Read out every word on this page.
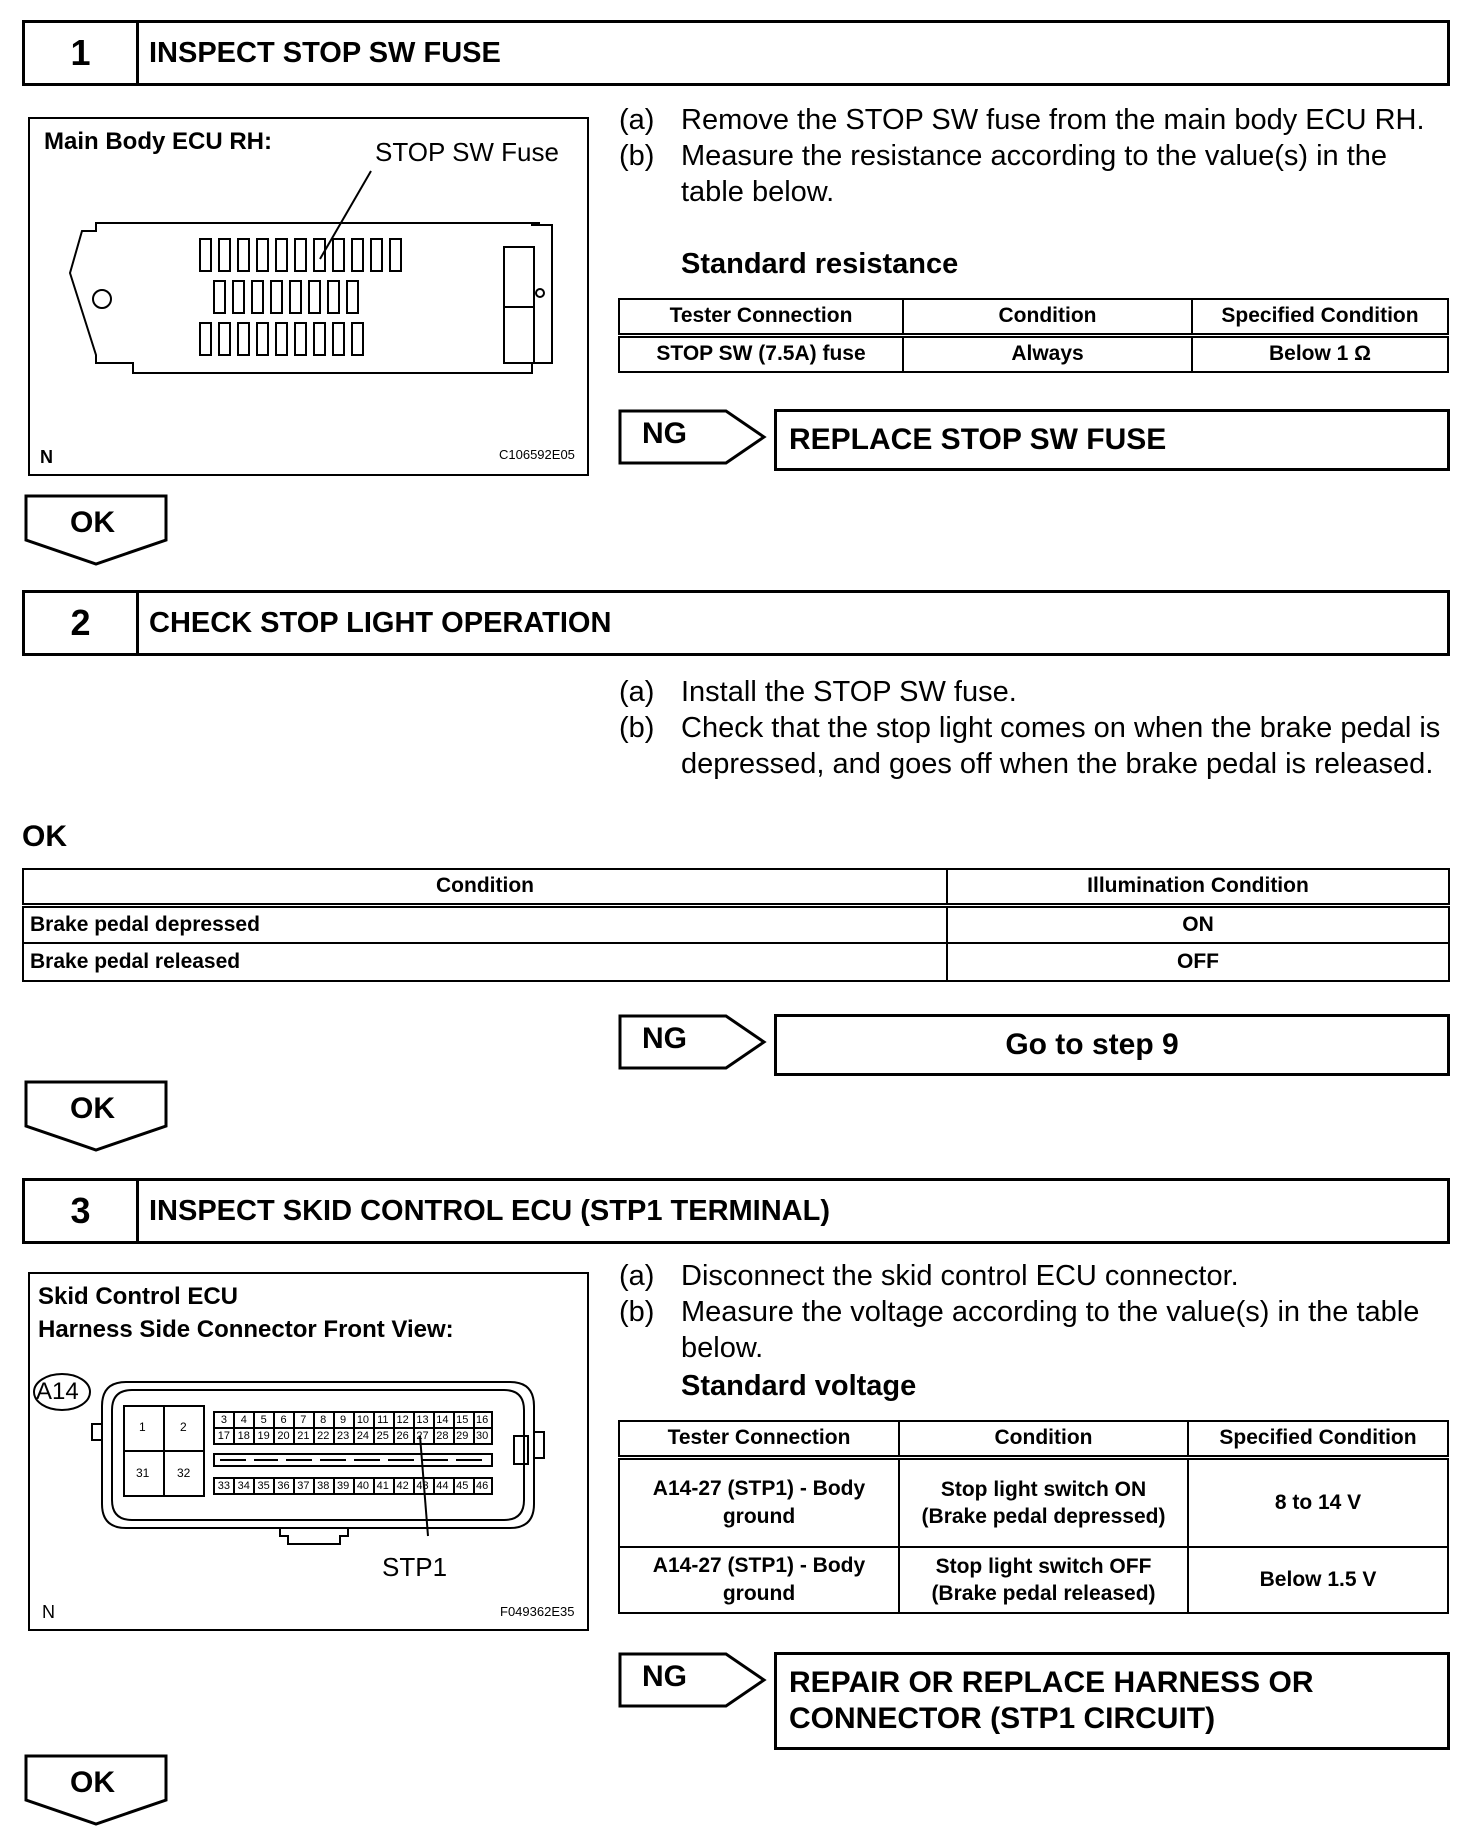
1	INSPECT STOP SW FUSE
Main Body ECU RH:	STOP SW Fuse
N	C106592E05
(a) Remove the STOP SW fuse from the main body ECU RH.
(b) Measure the resistance according to the value(s) in the table below.
Standard resistance
Tester Connection	Condition	Specified Condition
STOP SW (7.5A) fuse	Always	Below 1 Ω
NG	REPLACE STOP SW FUSE
OK
2	CHECK STOP LIGHT OPERATION
(a) Install the STOP SW fuse.
(b) Check that the stop light comes on when the brake pedal is depressed, and goes off when the brake pedal is released.
OK
Condition	Illumination Condition
Brake pedal depressed	ON
Brake pedal released	OFF
NG	Go to step 9
OK
3	INSPECT SKID CONTROL ECU (STP1 TERMINAL)
Skid Control ECU
Harness Side Connector Front View:
A14
1	2
31 32
3	4	5	6	7	8	9 10 11 12 13 14 15 16
17 18 19 20 21 22 23 24 25 26 27 28 29 30
33 34 35 36 37 38 39 40 41 42 43 44 45 46
STP1
N	F049362E35
(a) Disconnect the skid control ECU connector.
(b) Measure the voltage according to the value(s) in the table below.
Standard voltage
Tester Connection	Condition	Specified Condition
A14-27 (STP1) - Body ground	Stop light switch ON (Brake pedal depressed)	8 to 14 V
A14-27 (STP1) - Body ground	Stop light switch OFF (Brake pedal released)	Below 1.5 V
NG	REPAIR OR REPLACE HARNESS OR
CONNECTOR (STP1 CIRCUIT)
OK
